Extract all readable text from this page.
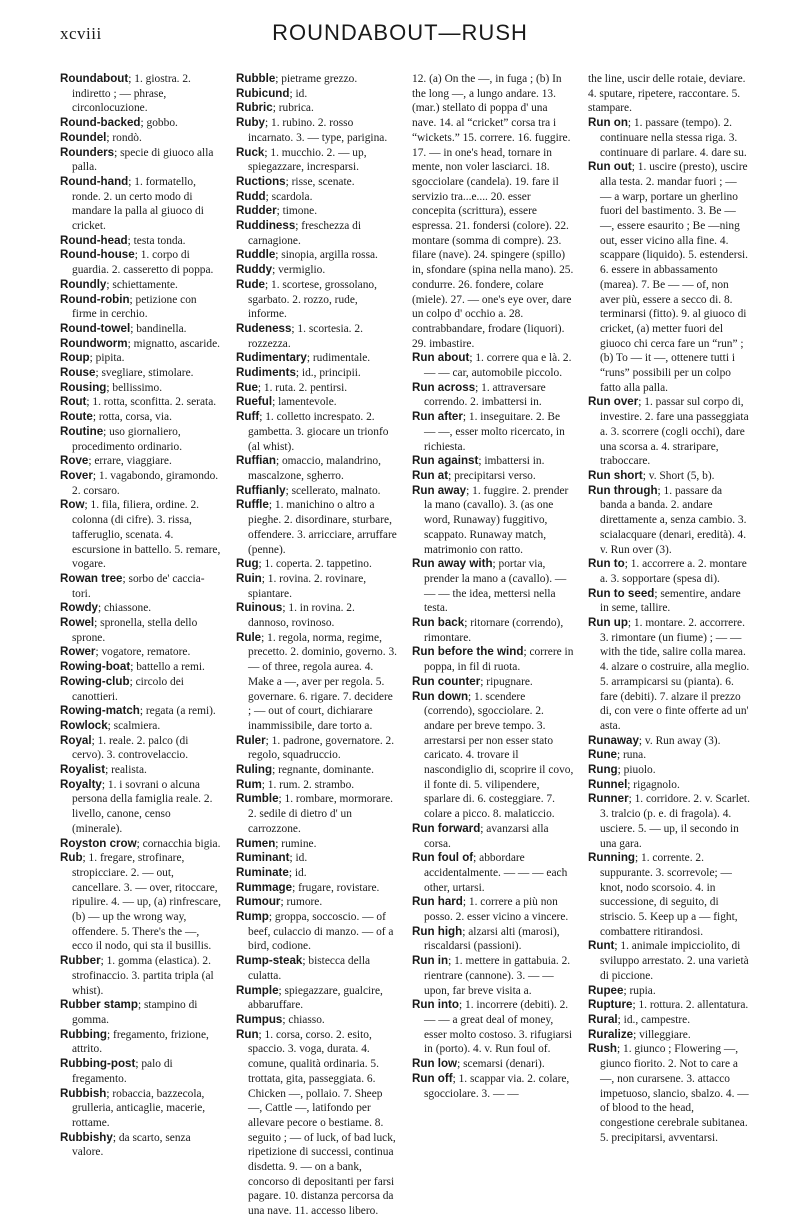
xcviii	ROUNDABOUT—RUSH

Roundabout; 1. giostra. 2. indiretto ; — phrase, circonlocuzione.

Round-backed; gobbo.

Roundel; rondò.

Rounders; specie di giuoco alla palla.

Round-hand; 1. formatello, ronde. 2. un certo modo di mandare la palla al giuoco di cricket.

Round-head; testa tonda.

Round-house; 1. corpo di guardia. 2. casseretto di poppa.

Roundly; schiettamente.

Round-robin; petizione con firme in cerchio.

Round-towel; bandinella.

Roundworm; mignatto, ascaride.

Roup; pipita.

Rouse; svegliare, stimolare.

Rousing; bellissimo.

Rout; 1. rotta, sconfitta. 2. serata.

Route; rotta, corsa, via.

Routine; uso giornaliero, procedimento ordinario.

Rove; errare, viaggiare.

Rover; 1. vagabondo, giramondo. 2. corsaro.

Row; 1. fila, filiera, ordine. 2. colonna (di cifre). 3. rissa, tafferuglio, scenata. 4. escursione in battello. 5. remare, vogare.

Rowan tree; sorbo de' caccia-tori.

Rowdy; chiassone.

Rowel; spronella, stella dello sprone.

Rower; vogatore, rematore.

Rowing-boat; battello a remi.

Rowing-club; circolo dei canottieri.

Rowing-match; regata (a remi).

Rowlock; scalmiera.

Royal; 1. reale. 2. palco (di cervo). 3. controvelaccio.

Royalist; realista.

Royalty; 1. i sovrani o alcuna persona della famiglia reale. 2. livello, canone, censo (minerale).

Royston crow; cornacchia bigia.

Rub; 1. fregare, strofinare, stropicciare. 2. — out, cancellare. 3. — over, ritoccare, ripulire. 4. — up, (a) rinfrescare, (b) — up the wrong way, offendere. 5. There's the —, ecco il nodo, qui sta il busillis.

Rubber; 1. gomma (elastica). 2. strofinaccio. 3. partita tripla (al whist).

Rubber stamp; stampino di gomma.

Rubbing; fregamento, frizione, attrito.

Rubbing-post; palo di fregamento.

Rubbish; robaccia, bazzecola, grulleria, anticaglie, macerie, rottame.

Rubbishy; da scarto, senza valore.

Rubble; pietrame grezzo.

Rubicund; id.

Rubric; rubrica.

Ruby; 1. rubino. 2. rosso incarnato. 3. — type, parigina.

Ruck; 1. mucchio. 2. — up, spiegazzare, incresparsi.

Ructions; risse, scenate.

Rudd; scardola.

Rudder; timone.

Ruddiness; freschezza di carnagione.

Ruddle; sinopia, argilla rossa.

Ruddy; vermiglio.

Rude; 1. scortese, grossolano, sgarbato. 2. rozzo, rude, informe.

Rudeness; 1. scortesia. 2. rozzezza.

Rudimentary; rudimentale.

Rudiments; id., principii.

Rue; 1. ruta. 2. pentirsi.

Rueful; lamentevole.

Ruff; 1. colletto increspato. 2. gambetta. 3. giocare un trionfo (al whist).

Ruffian; omaccio, malandrino, mascalzone, sgherro.

Ruffianly; scellerato, malnato.

Ruffle; 1. manichino o altro a pieghe. 2. disordinare, sturbare, offendere. 3. arricciare, arruffare (penne).

Rug; 1. coperta. 2. tappetino.

Ruin; 1. rovina. 2. rovinare, spiantare.

Ruinous; 1. in rovina. 2. dannoso, rovinoso.

Rule; 1. regola, norma, regime, precetto. 2. dominio, governo. 3. — of three, regola aurea. 4. Make a —, aver per regola. 5. governare. 6. rigare. 7. decidere ; — out of court, dichiarare inammissibile, dare torto a.

Ruler; 1. padrone, governatore. 2. regolo, squadruccio.

Ruling; regnante, dominante.

Rum; 1. rum. 2. strambo.

Rumble; 1. rombare, mormorare. 2. sedile di dietro d' un carrozzone.

Rumen; rumine.

Ruminant; id.

Ruminate; id.

Rummage; frugare, rovistare.

Rumour; rumore.

Rump; groppa, soccoscio. — of beef, culaccio di manzo. — of a bird, codione.

Rump-steak; bistecca della culatta.

Rumple; spiegazzare, gualcire, abbaruffare.

Rumpus; chiasso.

Run; 1. corsa, corso. 2. esito, spaccio. 3. voga, durata. 4. comune, qualità ordinaria. 5. trottata, gita, passeggiata. 6. Chicken —, pollaio. 7. Sheep —, Cattle —, latifondo per allevare pecore o bestiame. 8. seguito ; — of luck, of bad luck, ripetizione di successi, continua disdetta. 9. — on a bank, concorso di depositanti per farsi pagare. 10. distanza percorsa da una nave. 11. accesso libero.

12. (a) On the —, in fuga ; (b) In the long —, a lungo andare. 13. (mar.) stellato di poppa d' una nave. 14. al “cricket” corsa tra i “wickets.” 15. correre. 16. fuggire. 17. — in one's head, tornare in mente, non voler lasciarci. 18. sgocciolare (candela). 19. fare il servizio tra...e.... 20. esser concepita (scrittura), essere espressa. 21. fondersi (colore). 22. montare (somma di compre). 23. filare (nave). 24. spingere (spillo) in, sfondare (spina nella mano). 25. condurre. 26. fondere, colare (miele). 27. — one's eye over, dare un colpo d' occhio a. 28. contrabbandare, frodare (liquori). 29. imbastire.

Run about; 1. correre qua e là. 2. — — car, automobile piccolo.

Run across; 1. attraversare correndo. 2. imbattersi in.

Run after; 1. inseguitare. 2. Be — —, esser molto ricercato, in richiesta.

Run against; imbattersi in.

Run at; precipitarsi verso.

Run away; 1. fuggire. 2. prender la mano (cavallo). 3. (as one word, Runaway) fuggitivo, scappato. Runaway match, matrimonio con ratto.

Run away with; portar via, prender la mano a (cavallo). — — — the idea, mettersi nella testa.

Run back; ritornare (correndo), rimontare.

Run before the wind; correre in poppa, in fil di ruota.

Run counter; ripugnare.

Run down; 1. scendere (correndo), sgocciolare. 2. andare per breve tempo. 3. arrestarsi per non esser stato caricato. 4. trovare il nascondiglio di, scoprire il covo, il fonte di. 5. vilipendere, sparlare di. 6. costeggiare. 7. colare a picco. 8. malaticcio.

Run forward; avanzarsi alla corsa.

Run foul of; abbordare accidentalmente. — — — each other, urtarsi.

Run hard; 1. correre a più non posso. 2. esser vicino a vincere.

Run high; alzarsi alti (marosi), riscaldarsi (passioni).

Run in; 1. mettere in gattabuia. 2. rientrare (cannone). 3. — — upon, far breve visita a.

Run into; 1. incorrere (debiti). 2. — — a great deal of money, esser molto costoso. 3. rifugiarsi in (porto). 4. v. Run foul of.

Run low; scemarsi (denari).

Run off; 1. scappar via. 2. colare, sgocciolare. 3. — —

the line, uscir delle rotaie, deviare. 4. sputare, ripetere, raccontare. 5. stampare.

Run on; 1. passare (tempo). 2. continuare nella stessa riga. 3. continuare di parlare. 4. dare su.

Run out; 1. uscire (presto), uscire alla testa. 2. mandar fuori ; — — a warp, portare un gherlino fuori del bastimento. 3. Be — —, essere esaurito ; Be —ning out, esser vicino alla fine. 4. scappare (liquido). 5. estendersi. 6. essere in abbassamento (marea). 7. Be — — of, non aver più, essere a secco di. 8. terminarsi (fitto). 9. al giuoco di cricket, (a) metter fuori del giuoco chi cerca fare un “run” ; (b) To — it —, ottenere tutti i “runs” possibili per un colpo fatto alla palla.

Run over; 1. passar sul corpo di, investire. 2. fare una passeggiata a. 3. scorrere (cogli occhi), dare una scorsa a. 4. straripare, traboccare.

Run short; v. Short (5, b).

Run through; 1. passare da banda a banda. 2. andare direttamente a, senza cambio. 3. scialacquare (denari, eredità). 4. v. Run over (3).

Run to; 1. accorrere a. 2. montare a. 3. sopportare (spesa di).

Run to seed; sementire, andare in seme, tallire.

Run up; 1. montare. 2. accorrere. 3. rimontare (un fiume) ; — — with the tide, salire colla marea. 4. alzare o costruire, alla meglio. 5. arrampicarsi su (pianta). 6. fare (debiti). 7. alzare il prezzo di, con vere o finte offerte ad un' asta.

Runaway; v. Run away (3).

Rune; runa.

Rung; piuolo.

Runnel; rigagnolo.

Runner; 1. corridore. 2. v. Scarlet. 3. tralcio (p. e. di fragola). 4. usciere. 5. — up, il secondo in una gara.

Running; 1. corrente. 2. suppurante. 3. scorrevole; — knot, nodo scorsoio. 4. in successione, di seguito, di striscio. 5. Keep up a — fight, combattere ritirandosi.

Runt; 1. animale impicciolito, di sviluppo arrestato. 2. una varietà di piccione.

Rupee; rupia.

Rupture; 1. rottura. 2. allentatura.

Rural; id., campestre.

Ruralize; villeggiare.

Rush; 1. giunco ; Flowering —, giunco fiorito. 2. Not to care a —, non curarsene. 3. attacco impetuoso, slancio, sbalzo. 4. — of blood to the head, congestione cerebrale subitanea. 5. precipitarsi, avventarsi.
